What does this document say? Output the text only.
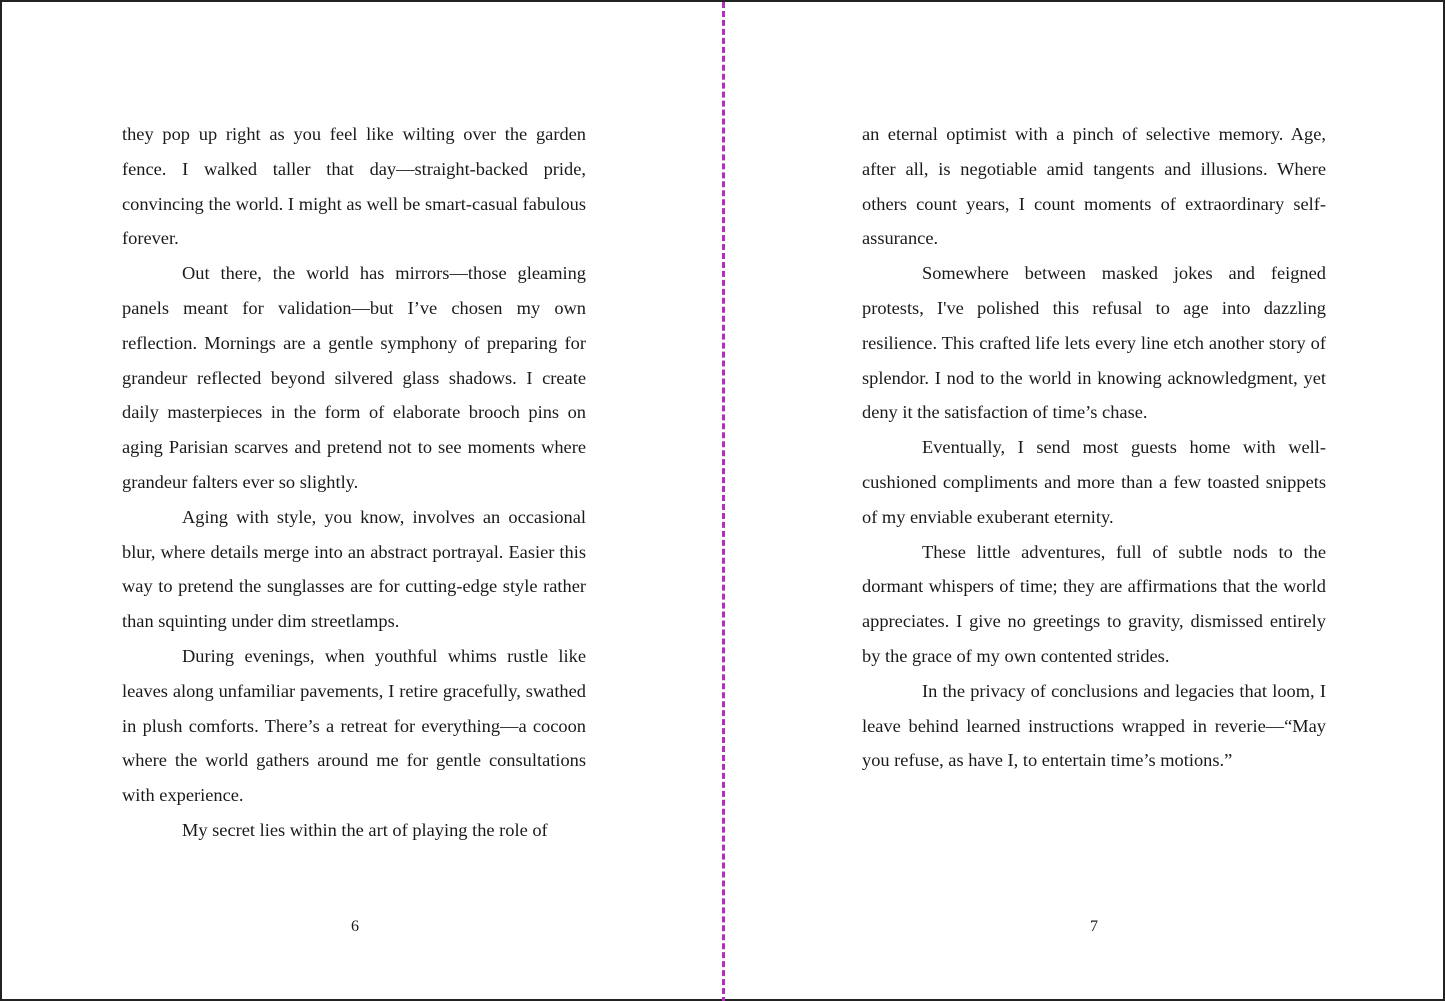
they pop up right as you feel like wilting over the garden fence. I walked taller that day—straight-backed pride, convincing the world. I might as well be smart-casual fabulous forever.

Out there, the world has mirrors—those gleaming panels meant for validation—but I’ve chosen my own reflection. Mornings are a gentle symphony of preparing for grandeur reflected beyond silvered glass shadows. I create daily masterpieces in the form of elaborate brooch pins on aging Parisian scarves and pretend not to see moments where grandeur falters ever so slightly.

Aging with style, you know, involves an occasional blur, where details merge into an abstract portrayal. Easier this way to pretend the sunglasses are for cutting-edge style rather than squinting under dim streetlamps.

During evenings, when youthful whims rustle like leaves along unfamiliar pavements, I retire gracefully, swathed in plush comforts. There’s a retreat for everything—a cocoon where the world gathers around me for gentle consultations with experience.

My secret lies within the art of playing the role of

6

an eternal optimist with a pinch of selective memory. Age, after all, is negotiable amid tangents and illusions. Where others count years, I count moments of extraordinary self-assurance.

Somewhere between masked jokes and feigned protests, I've polished this refusal to age into dazzling resilience. This crafted life lets every line etch another story of splendor. I nod to the world in knowing acknowledgment, yet deny it the satisfaction of time’s chase.

Eventually, I send most guests home with well-cushioned compliments and more than a few toasted snippets of my enviable exuberant eternity.

These little adventures, full of subtle nods to the dormant whispers of time; they are affirmations that the world appreciates. I give no greetings to gravity, dismissed entirely by the grace of my own contented strides.

In the privacy of conclusions and legacies that loom, I leave behind learned instructions wrapped in reverie—“May you refuse, as have I, to entertain time’s motions.”

7
